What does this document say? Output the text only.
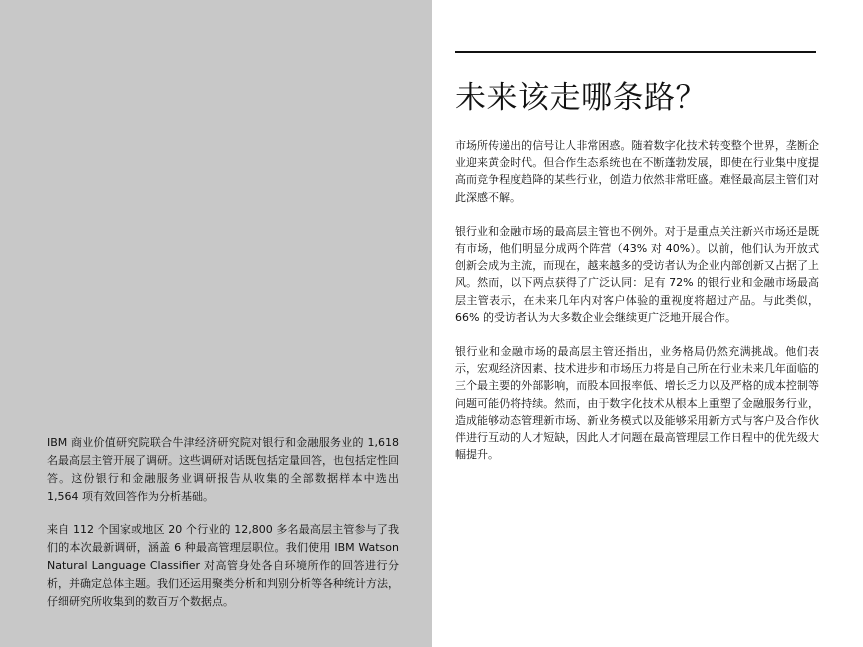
IBM 商业价值研究院联合牛津经济研究院对银行和金融服务业的 1,618 名最高层主管开展了调研。这些调研对话既包括定量回答，也包括定性回答。这份银行和金融服务业调研报告从收集的全部数据样本中选出 1,564 项有效回答作为分析基础。

来自 112 个国家或地区 20 个行业的 12,800 多名最高层主管参与了我们的本次最新调研，涵盖 6 种最高管理层职位。我们使用 IBM Watson Natural Language Classifier 对高管身处各自环境所作的回答进行分析，并确定总体主题。我们还运用聚类分析和判别分析等各种统计方法，仔细研究所收集到的数百万个数据点。

未来该走哪条路？

市场所传递出的信号让人非常困惑。随着数字化技术转变整个世界，垄断企业迎来黄金时代。但合作生态系统也在不断蓬勃发展，即使在行业集中度提高而竞争程度趋降的某些行业，创造力依然非常旺盛。难怪最高层主管们对此深感不解。

银行业和金融市场的最高层主管也不例外。对于是重点关注新兴市场还是既有市场，他们明显分成两个阵营（43% 对 40%）。以前，他们认为开放式创新会成为主流，而现在，越来越多的受访者认为企业内部创新又占据了上风。然而，以下两点获得了广泛认同：足有 72% 的银行业和金融市场最高层主管表示，在未来几年内对客户体验的重视度将超过产品。与此类似，66% 的受访者认为大多数企业会继续更广泛地开展合作。

银行业和金融市场的最高层主管还指出，业务格局仍然充满挑战。他们表示，宏观经济因素、技术进步和市场压力将是自己所在行业未来几年面临的三个最主要的外部影响，而股本回报率低、增长乏力以及严格的成本控制等问题可能仍将持续。然而，由于数字化技术从根本上重塑了金融服务行业，造成能够动态管理新市场、新业务模式以及能够采用新方式与客户及合作伙伴进行互动的人才短缺，因此人才问题在最高管理层工作日程中的优先级大幅提升。
